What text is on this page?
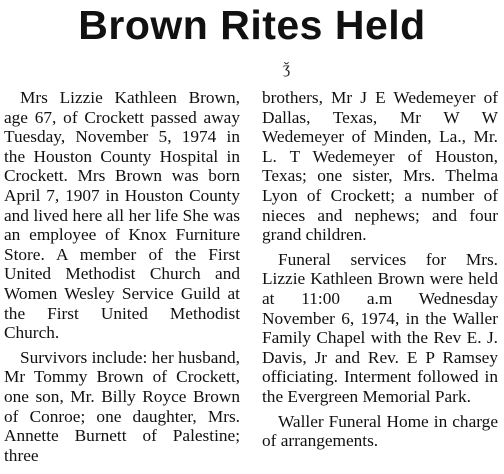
Brown Rites Held
ǯ

Mrs Lizzie Kathleen Brown, age 67, of Crockett passed away Tuesday, November 5, 1974 in the Houston County Hospital in Crockett. Mrs Brown was born April 7, 1907 in Houston County and lived here all her life She was an employee of Knox Furniture Store. A member of the First United Methodist Church and Women Wesley Service Guild at the First United Methodist Church.

Survivors include: her husband, Mr Tommy Brown of Crockett, one son, Mr. Billy Royce Brown of Conroe; one daughter, Mrs. Annette Burnett of Palestine; three

brothers, Mr J E Wedemeyer of Dallas, Texas, Mr W W Wedemeyer of Minden, La., Mr. L. T Wedemeyer of Houston, Texas; one sister, Mrs. Thelma Lyon of Crockett; a number of nieces and nephews; and four grand children.

Funeral services for Mrs. Lizzie Kathleen Brown were held at 11:00 a.m Wednesday November 6, 1974, in the Waller Family Chapel with the Rev E. J. Davis, Jr and Rev. E P Ramsey officiating. Interment followed in the Evergreen Memorial Park.

Waller Funeral Home in charge of arrangements.
